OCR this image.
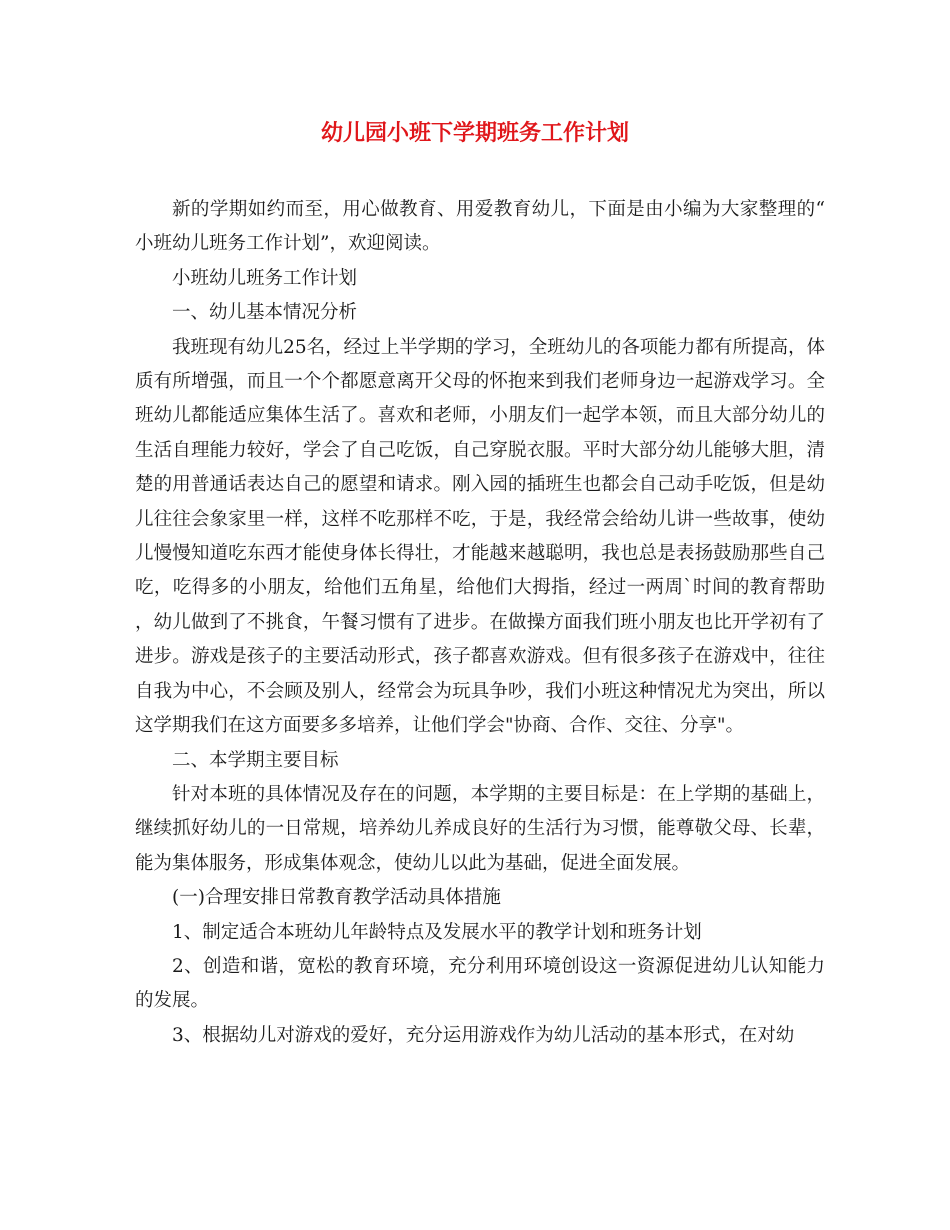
幼儿园小班下学期班务工作计划

新的学期如约而至，用心做教育、用爱教育幼儿，下面是由小编为大家整理的“小班幼儿班务工作计划”，欢迎阅读。

小班幼儿班务工作计划

一、幼儿基本情况分析

我班现有幼儿25名，经过上半学期的学习，全班幼儿的各项能力都有所提高，体质有所增强，而且一个个都愿意离开父母的怀抱来到我们老师身边一起游戏学习。全班幼儿都能适应集体生活了。喜欢和老师，小朋友们一起学本领，而且大部分幼儿的生活自理能力较好，学会了自己吃饭，自己穿脱衣服。平时大部分幼儿能够大胆，清楚的用普通话表达自己的愿望和请求。刚入园的插班生也都会自己动手吃饭，但是幼儿往往会象家里一样，这样不吃那样不吃，于是，我经常会给幼儿讲一些故事，使幼儿慢慢知道吃东西才能使身体长得壮，才能越来越聪明，我也总是表扬鼓励那些自己吃，吃得多的小朋友，给他们五角星，给他们大拇指，经过一两周`时间的教育帮助，幼儿做到了不挑食，午餐习惯有了进步。在做操方面我们班小朋友也比开学初有了进步。游戏是孩子的主要活动形式，孩子都喜欢游戏。但有很多孩子在游戏中，往往自我为中心，不会顾及别人，经常会为玩具争吵，我们小班这种情况尤为突出，所以这学期我们在这方面要多多培养，让他们学会"协商、合作、交往、分享"。

二、本学期主要目标

针对本班的具体情况及存在的问题，本学期的主要目标是：在上学期的基础上，继续抓好幼儿的一日常规，培养幼儿养成良好的生活行为习惯，能尊敬父母、长辈，能为集体服务，形成集体观念，使幼儿以此为基础，促进全面发展。

(一)合理安排日常教育教学活动具体措施

1、制定适合本班幼儿年龄特点及发展水平的教学计划和班务计划

2、创造和谐，宽松的教育环境，充分利用环境创设这一资源促进幼儿认知能力的发展。

3、根据幼儿对游戏的爱好，充分运用游戏作为幼儿活动的基本形式，在对幼
